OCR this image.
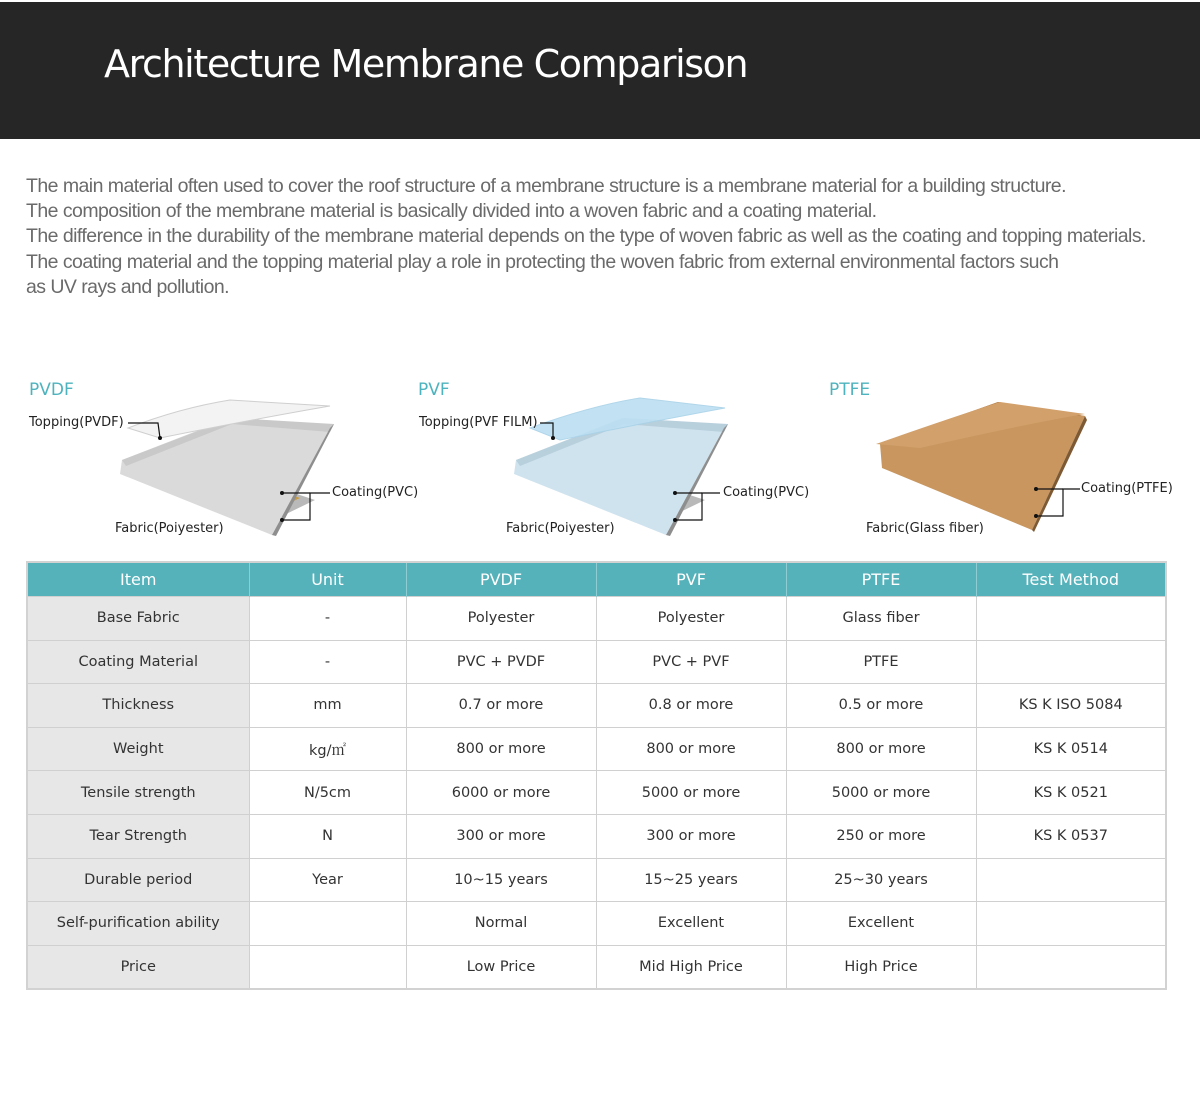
Architecture Membrane Comparison
The main material often used to cover the roof structure of a membrane structure is a membrane material for a building structure.
The composition of the membrane material is basically divided into a woven fabric and a coating material.
The difference in the durability of the membrane material depends on the type of woven fabric as well as the coating and topping materials.
The coating material and the topping material play a role in protecting the woven fabric from external environmental factors such
as UV rays and pollution.
PVDF
Topping(PVDF)
Coating(PVC)
Fabric(Poiyester)
PVF
Topping(PVF FILM)
Coating(PVC)
Fabric(Poiyester)
PTFE
Coating(PTFE)
Fabric(Glass fiber)
Item	Unit	PVDF	PVF	PTFE	Test Method
Base Fabric	-	Polyester	Polyester	Glass fiber	
Coating Material	-	PVC + PVDF	PVC + PVF	PTFE	
Thickness	mm	0.7 or more	0.8 or more	0.5 or more	KS K ISO 5084
Weight	kg/㎡	800 or more	800 or more	800 or more	KS K 0514
Tensile strength	N/5cm	6000 or more	5000 or more	5000 or more	KS K 0521
Tear Strength	N	300 or more	300 or more	250 or more	KS K 0537
Durable period	Year	10~15 years	15~25 years	25~30 years	
Self-purification ability		Normal	Excellent	Excellent	
Price		Low Price	Mid High Price	High Price	
